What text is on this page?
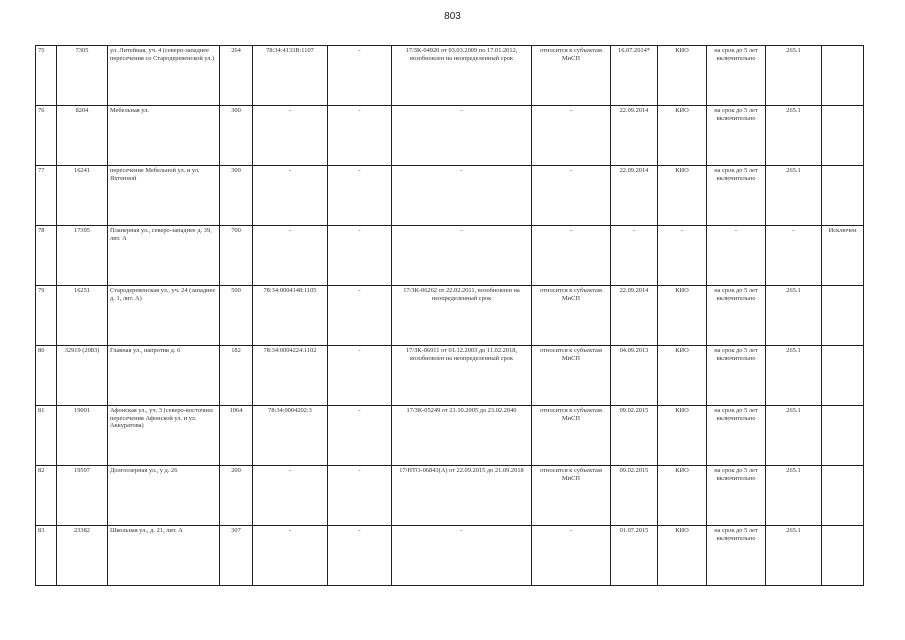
803
75	7305	ул. Литейная, уч. 4 (северо-западнее пересечения со Стародеревенской ул.)	264	78:34:4133B:1107	-	17/ЗК-04920 от 03.03.2009 по 17.01.2012, возобновлен на неопределенный срок	относится к субъектам МиСП	16.07.2014*	КИО	на срок до 5 лет включительно	265.1	
76	8204	Мебельная ул.	300	-	-	-	-	22.09.2014	КИО	на срок до 5 лет включительно	265.1	
77	16241	пересечение Мебельной ул. и ул. Яхтенной	300	-	-	-	-	22.09.2014	КИО	на срок до 5 лет включительно	265.1	
78	17395	Планерная ул., северо-западнее д. 39, лит. А	700	-	-	-	-	-	-	-	-	Исключен
79	16251	Стародеревенская ул., уч. 24 (западнее д. 1, лит. А)	500	78:34:0004148:1105	-	17/ЗК-06262 от 22.02.2011, возобновлен на неопределенный срок	относится к субъектам МиСП	22.09.2014	КИО	на срок до 5 лет включительно	265.1	
80	32919 (2083)	Главная ул., напротив д. 6	182	78:34:0004224:1102	-	17/ЗК-06911 от 01.12.2003 до 11.02.2018, возобновлен на неопределенный срок	относится к субъектам МиСП	04.09.2013	КИО	на срок до 5 лет включительно	265.1	
81	19001	Афонская ул., уч. 3 (северо-восточнее пересечения Афонской ул. и ул. Аккуратова)	1064	78:34:0004202:3	-	17/ЗК-05249 от 21.10.2005 до 23.02.2040	относится к субъектам МиСП	09.02.2015	КИО	на срок до 5 лет включительно	265.1	
82	19597	Долгоозерная ул., у д. 26	200	-	-	17/НТО-06843(А) от 22.09.2015 до 21.09.2018	относится к субъектам МиСП	09.02.2015	КИО	на срок до 5 лет включительно	265.1	
83	23382	Школьная ул., д. 21, лит. А	307	-	-	-	-	01.07.2015	КИО	на срок до 5 лет включительно	265.1	
